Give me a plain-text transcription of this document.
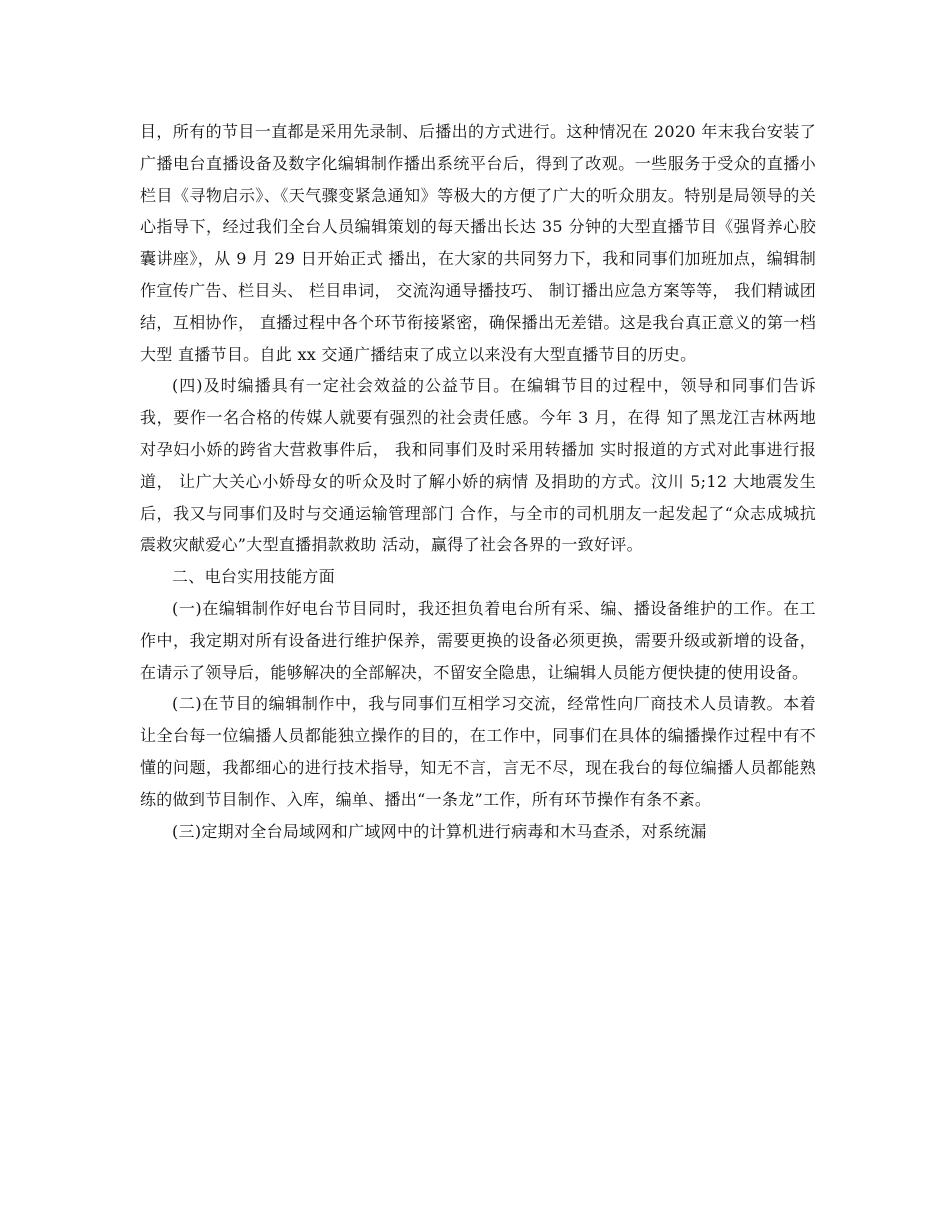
目，所有的节目一直都是采用先录制、后播出的方式进行。这种情况在 2020 年末我台安装了广播电台直播设备及数字化编辑制作播出系统平台后，得到了改观。一些服务于受众的直播小栏目《寻物启示》、《天气骤变紧急通知》等极大的方便了广大的听众朋友。特别是局领导的关心指导下，经过我们全台人员编辑策划的每天播出长达 35 分钟的大型直播节目《强肾养心胶囊讲座》，从 9 月 29 日开始正式 播出，在大家的共同努力下，我和同事们加班加点，编辑制作宣传广告、栏目头、 栏目串词， 交流沟通导播技巧、 制订播出应急方案等等， 我们精诚团结，互相协作， 直播过程中各个环节衔接紧密，确保播出无差错。这是我台真正意义的第一档大型 直播节目。自此 xx 交通广播结束了成立以来没有大型直播节目的历史。

(四)及时编播具有一定社会效益的公益节目。在编辑节目的过程中，领导和同事们告诉我，要作一名合格的传媒人就要有强烈的社会责任感。今年 3 月，在得 知了黑龙江吉林两地对孕妇小娇的跨省大营救事件后， 我和同事们及时采用转播加 实时报道的方式对此事进行报道， 让广大关心小娇母女的听众及时了解小娇的病情 及捐助的方式。汶川 5;12 大地震发生后，我又与同事们及时与交通运输管理部门 合作，与全市的司机朋友一起发起了“众志成城抗震救灾献爱心”大型直播捐款救助 活动，赢得了社会各界的一致好评。

二、电台实用技能方面

(一)在编辑制作好电台节目同时，我还担负着电台所有采、编、播设备维护的工作。在工作中，我定期对所有设备进行维护保养，需要更换的设备必须更换，需要升级或新增的设备，在请示了领导后，能够解决的全部解决，不留安全隐患，让编辑人员能方便快捷的使用设备。

(二)在节目的编辑制作中，我与同事们互相学习交流，经常性向厂商技术人员请教。本着让全台每一位编播人员都能独立操作的目的，在工作中，同事们在具体的编播操作过程中有不懂的问题，我都细心的进行技术指导，知无不言，言无不尽，现在我台的每位编播人员都能熟练的做到节目制作、入库，编单、播出“一条龙”工作，所有环节操作有条不紊。

(三)定期对全台局域网和广域网中的计算机进行病毒和木马查杀，对系统漏
